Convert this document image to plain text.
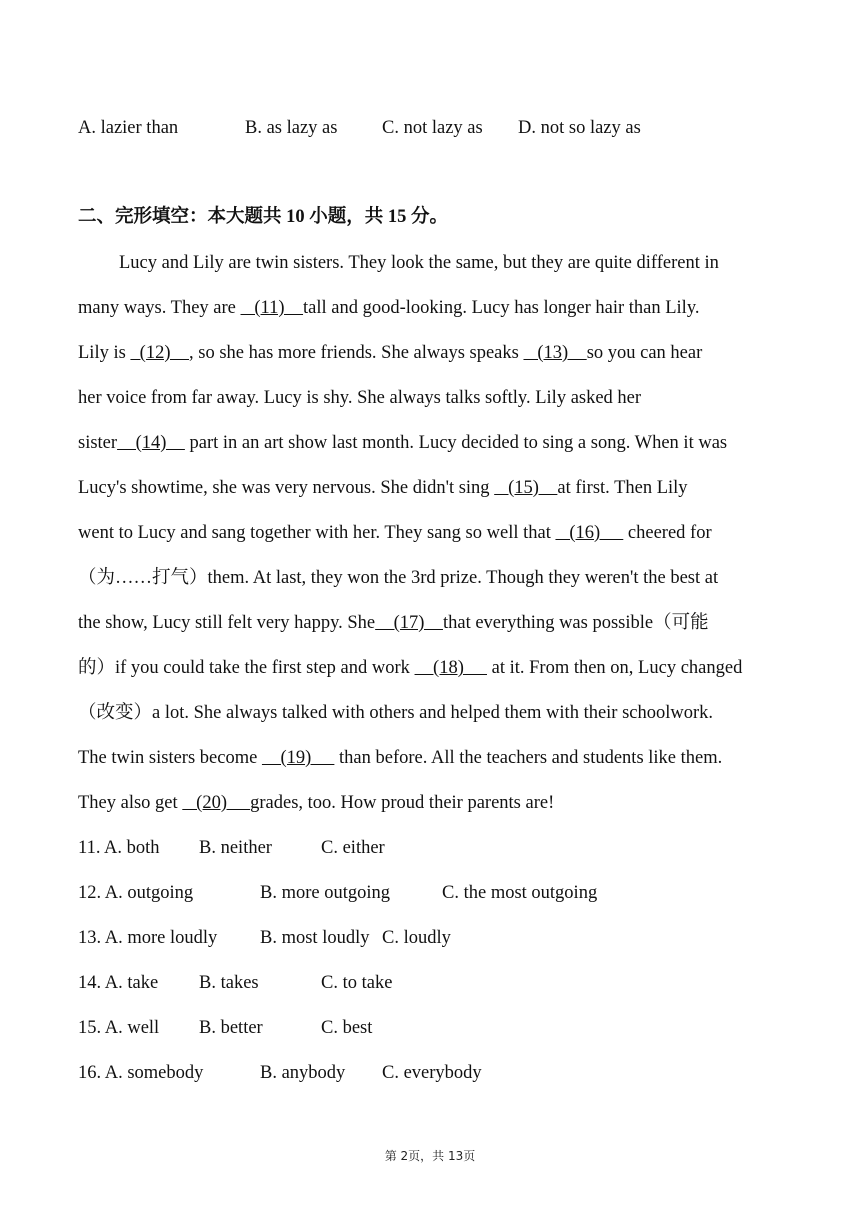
A. lazier than	B. as lazy as C. not lazy as D. not so lazy as
二、完形填空：本大题共 10 小题，共 15 分。
Lucy and Lily are twin sisters. They look the same, but they are quite different in
many ways. They are    (11)    tall and good-looking. Lucy has longer hair than Lily.
Lily is   (12)    , so she has more friends. She always speaks    (13)    so you can hear
her voice from far away. Lucy is shy. She always talks softly. Lily asked her
sister    (14)     part in an art show last month. Lucy decided to sing a song. When it was
Lucy's showtime, she was very nervous. She didn't sing    (15)    at first. Then Lily
went to Lucy and sang together with her. They sang so well that    (16)      cheered for
（为……打气）them. At last, they won the 3rd prize. Though they weren't the best at
the show, Lucy still felt very happy. She    (17)    that everything was possible（可能
的）if you could take the first step and work     (18)      at it. From then on, Lucy changed
（改变）a lot. She always talked with others and helped them with their schoolwork.
The twin sisters become     (19)      than before. All the teachers and students like them.
They also get    (20)     grades, too. How proud their parents are!
11. A. both B. neither	C. either
12. A. outgoing	B. more outgoing	C. the most outgoing
13. A. more loudly B. most loudly C. loudly
14. A. take B. takes	C. to take
15. A. well B. better	C. best
16. A. somebody	B. anybody C. everybody
第 2页，共 13页
